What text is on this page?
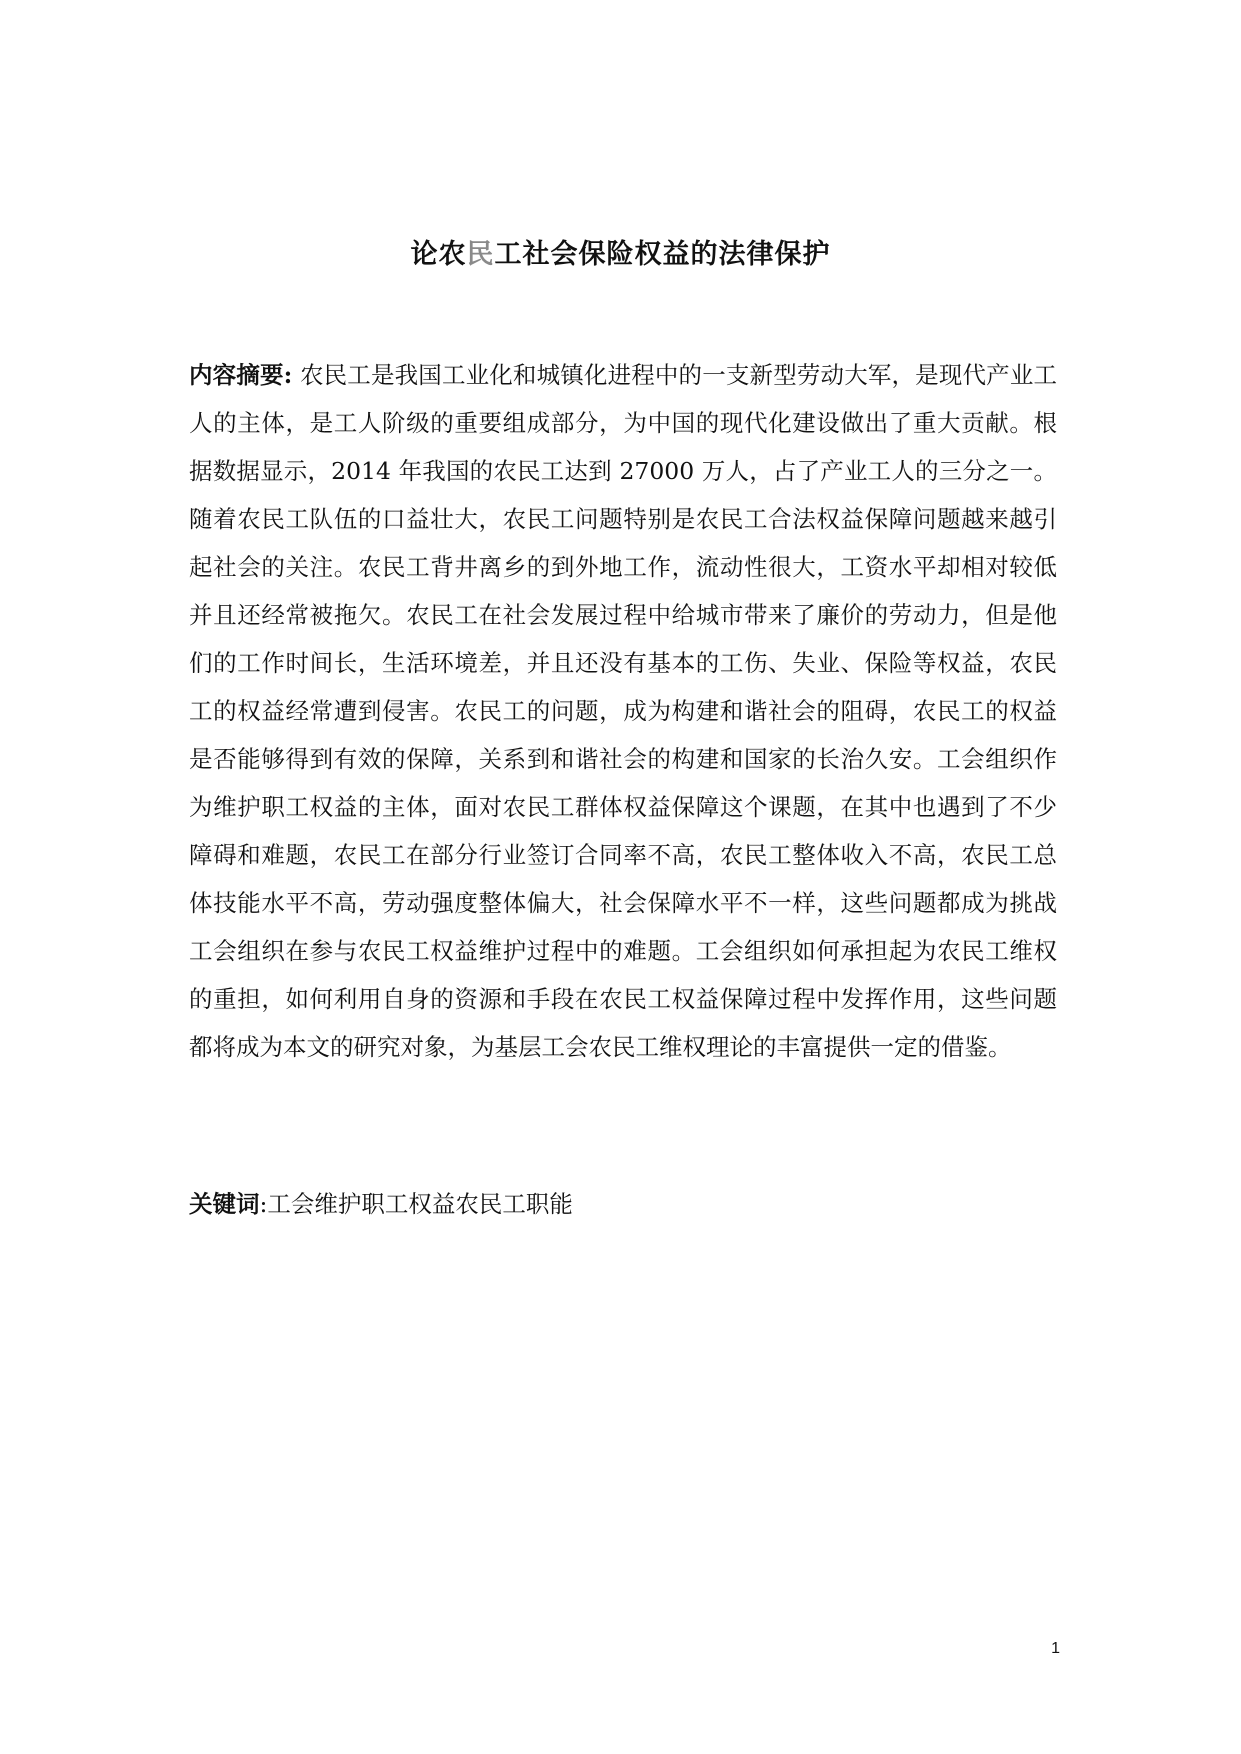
论农民工社会保险权益的法律保护

内容摘要: 农民工是我国工业化和城镇化进程中的一支新型劳动大军，是现代产业工人的主体，是工人阶级的重要组成部分，为中国的现代化建设做出了重大贡献。根据数据显示，2014 年我国的农民工达到 27000 万人，占了产业工人的三分之一。随着农民工队伍的口益壮大，农民工问题特别是农民工合法权益保障问题越来越引起社会的关注。农民工背井离乡的到外地工作，流动性很大，工资水平却相对较低并且还经常被拖欠。农民工在社会发展过程中给城市带来了廉价的劳动力，但是他们的工作时间长，生活环境差，并且还没有基本的工伤、失业、保险等权益，农民工的权益经常遭到侵害。农民工的问题，成为构建和谐社会的阻碍，农民工的权益是否能够得到有效的保障，关系到和谐社会的构建和国家的长治久安。工会组织作为维护职工权益的主体，面对农民工群体权益保障这个课题，在其中也遇到了不少障碍和难题，农民工在部分行业签订合同率不高，农民工整体收入不高，农民工总体技能水平不高，劳动强度整体偏大，社会保障水平不一样，这些问题都成为挑战工会组织在参与农民工权益维护过程中的难题。工会组织如何承担起为农民工维权的重担，如何利用自身的资源和手段在农民工权益保障过程中发挥作用，这些问题都将成为本文的研究对象，为基层工会农民工维权理论的丰富提供一定的借鉴。

关键词:工会维护职工权益农民工职能

1
